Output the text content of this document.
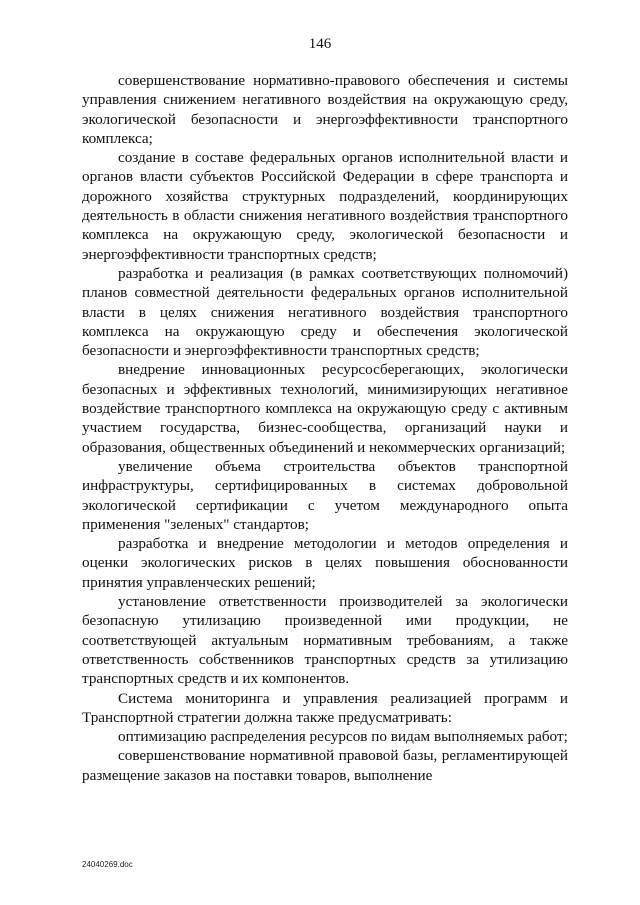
146

совершенствование нормативно-правового обеспечения и системы управления снижением негативного воздействия на окружающую среду, экологической безопасности и энергоэффективности транспортного комплекса;

создание в составе федеральных органов исполнительной власти и органов власти субъектов Российской Федерации в сфере транспорта и дорожного хозяйства структурных подразделений, координирующих деятельность в области снижения негативного воздействия транспортного комплекса на окружающую среду, экологической безопасности и энергоэффективности транспортных средств;

разработка и реализация (в рамках соответствующих полномочий) планов совместной деятельности федеральных органов исполнительной власти в целях снижения негативного воздействия транспортного комплекса на окружающую среду и обеспечения экологической безопасности и энергоэффективности транспортных средств;

внедрение инновационных ресурсосберегающих, экологически безопасных и эффективных технологий, минимизирующих негативное воздействие транспортного комплекса на окружающую среду с активным участием государства, бизнес-сообщества, организаций науки и образования, общественных объединений и некоммерческих организаций;

увеличение объема строительства объектов транспортной инфраструктуры, сертифицированных в системах добровольной экологической сертификации с учетом международного опыта применения "зеленых" стандартов;

разработка и внедрение методологии и методов определения и оценки экологических рисков в целях повышения обоснованности принятия управленческих решений;

установление ответственности производителей за экологически безопасную утилизацию произведенной ими продукции, не соответствующей актуальным нормативным требованиям, а также ответственность собственников транспортных средств за утилизацию транспортных средств и их компонентов.

Система мониторинга и управления реализацией программ и Транспортной стратегии должна также предусматривать:

оптимизацию распределения ресурсов по видам выполняемых работ;

совершенствование нормативной правовой базы, регламентирующей размещение заказов на поставки товаров, выполнение

24040269.doc
